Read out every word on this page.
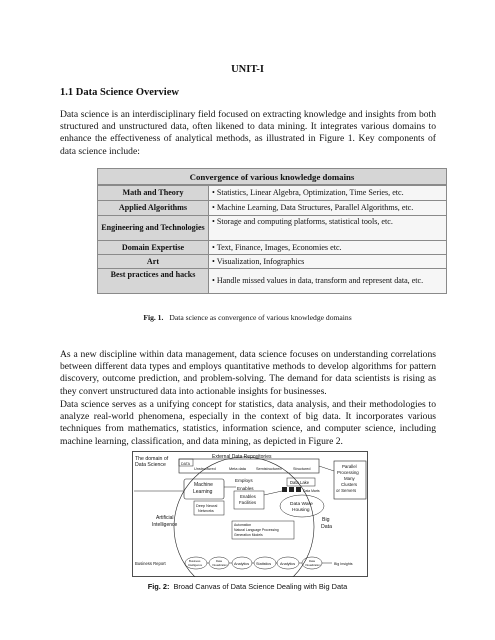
UNIT-I
1.1 Data Science Overview

Data science is an interdisciplinary field focused on extracting knowledge and insights from both structured and unstructured data, often likened to data mining. It integrates various domains to enhance the effectiveness of analytical methods, as illustrated in Figure 1. Key components of data science include:

Convergence of various knowledge domains
Math and Theory	• Statistics, Linear Algebra, Optimization, Time Series, etc.
Applied Algorithms	• Machine Learning, Data Structures, Parallel Algorithms, etc.
Engineering and Technologies	• Storage and computing platforms, statistical tools, etc.
Domain Expertise	• Text, Finance, Images, Economies etc.
Art	• Visualization, Infographics
Best practices and hacks	• Handle missed values in data, transform and represent data, etc.
Fig. 1. Data science as convergence of various knowledge domains

As a new discipline within data management, data science focuses on understanding correlations between different data types and employs quantitative methods to develop algorithms for pattern discovery, outcome prediction, and problem-solving. The demand for data scientists is rising as they convert unstructured data into actionable insights for businesses.

Data science serves as a unifying concept for statistics, data analysis, and their methodologies to analyze real-world phenomena, especially in the context of big data. It incorporates various techniques from mathematics, statistics, information science, and computer science, including machine learning, classification, and data mining, as depicted in Figure 2.

The domain of
Data Science	DATA
External Data Repositories
Unstructured	Meta data	Semistructured	Structured	Parallel
Processing
Many
Clusters
or Servers
Machine
Learning
Employs
Enables
Enables
Facilities
Data Lake
Data Marts
Data Ware
Housing
Deep Neural
Networks
Artificial
Intelligence
Big
Data
Automation
Natural Language Processing
Generation Models
Business Report	Business
Intelligence
Data
Visualization Analytics Statistics Analytics
Data
Visualization	Big Insights
Fig. 2: Broad Canvas of Data Science Dealing with Big Data
